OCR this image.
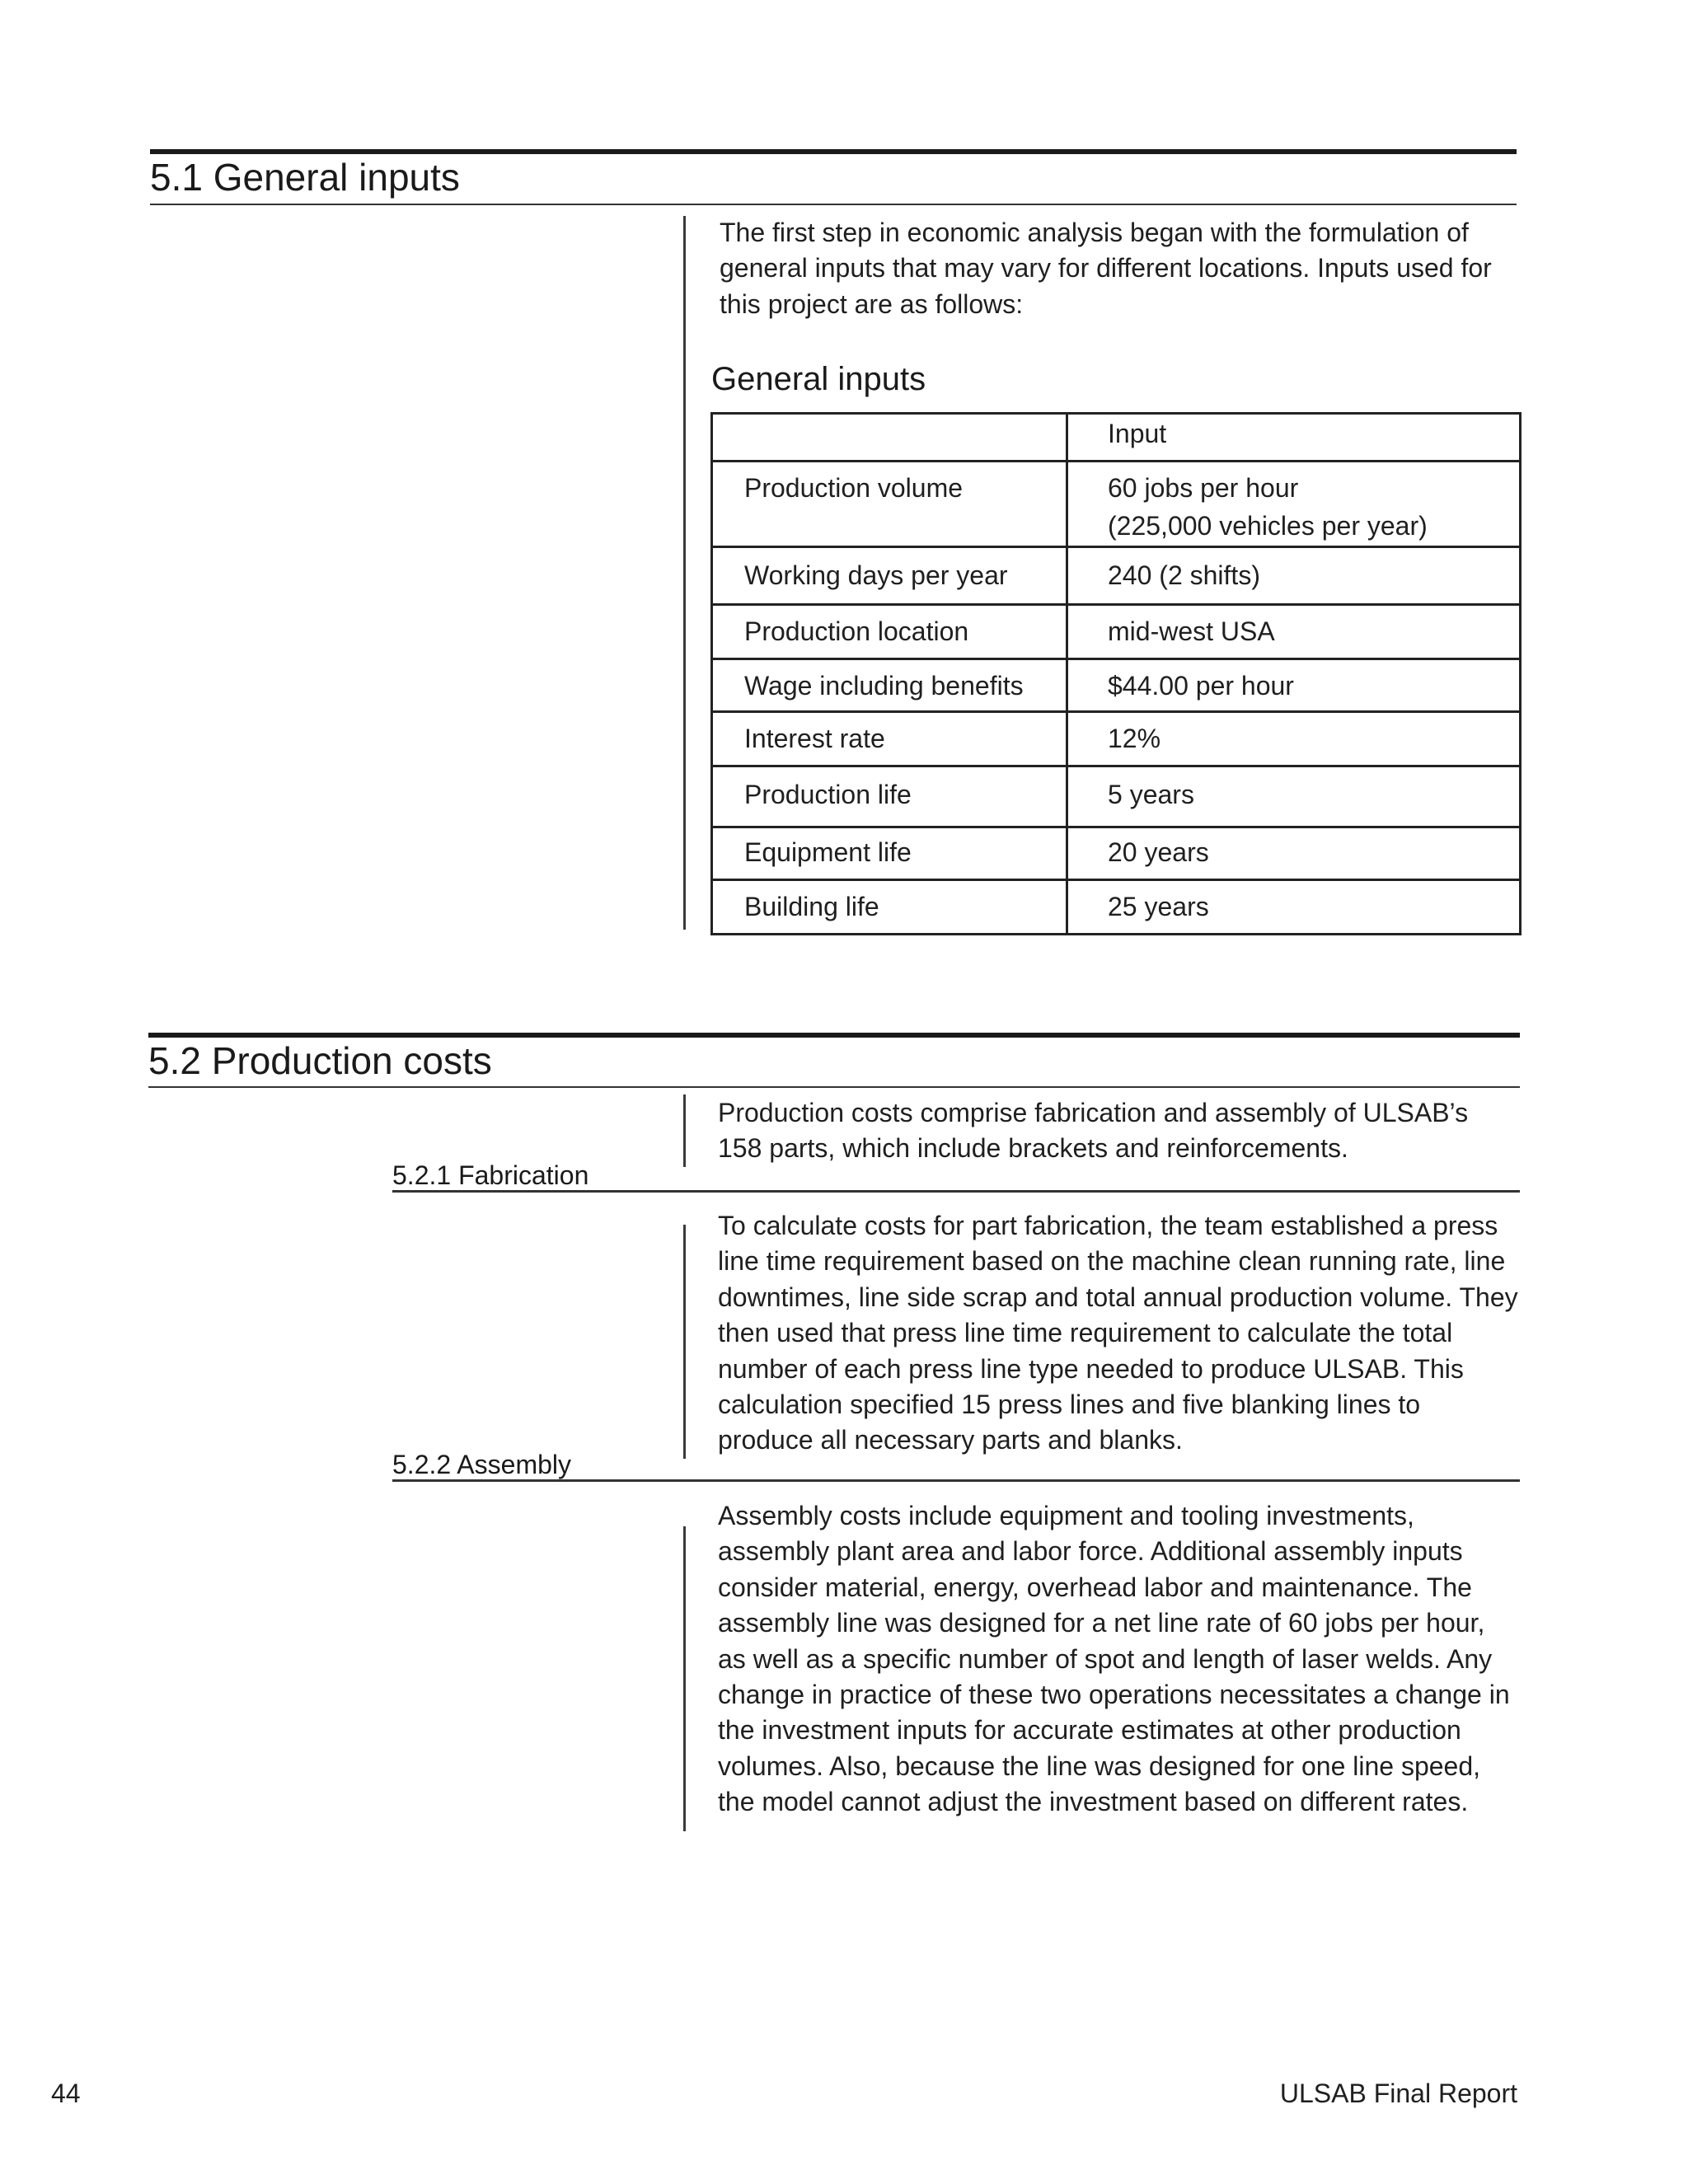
5.1 General inputs

The first step in economic analysis began with the formulation of general inputs that may vary for different locations. Inputs used for this project are as follows:

General inputs
	Input
Production volume	60 jobs per hour
(225,000 vehicles per year)

Working days per year	240 (2 shifts)
Production location	mid-west USA
Wage including benefits	$44.00 per hour
Interest rate	12%
Production life	5 years
Equipment life	20 years
Building life	25 years
5.2 Production costs

Production costs comprise fabrication and assembly of ULSAB’s 158 parts, which include brackets and reinforcements.

5.2.1 Fabrication

To calculate costs for part fabrication, the team established a press line time requirement based on the machine clean running rate, line downtimes, line side scrap and total annual production volume. They then used that press line time requirement to calculate the total number of each press line type needed to produce ULSAB. This calculation specified 15 press lines and five blanking lines to produce all necessary parts and blanks.

5.2.2 Assembly

Assembly costs include equipment and tooling investments, assembly plant area and labor force. Additional assembly inputs consider material, energy, overhead labor and maintenance. The assembly line was designed for a net line rate of 60 jobs per hour, as well as a specific number of spot and length of laser welds. Any change in practice of these two operations necessitates a change in the investment inputs for accurate estimates at other production volumes. Also, because the line was designed for one line speed, the model cannot adjust the investment based on different rates.

44	ULSAB Final Report
